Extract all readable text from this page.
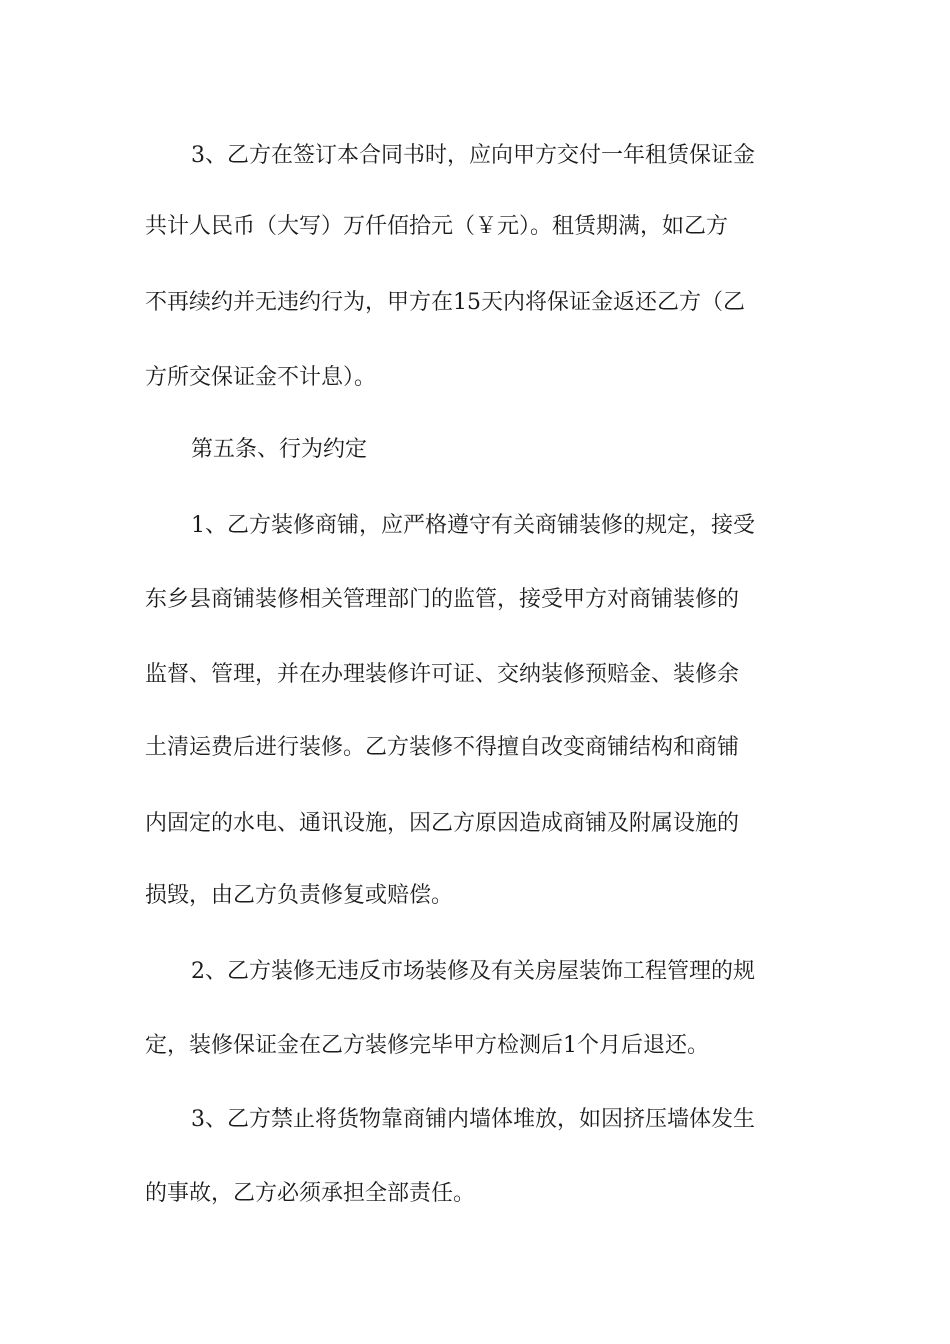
3、乙方在签订本合同书时，应向甲方交付一年租赁保证金
共计人民币（大写）万仟佰拾元（￥元）。租赁期满，如乙方
不再续约并无违约行为，甲方在15天内将保证金返还乙方（乙
方所交保证金不计息）。
第五条、行为约定
1、乙方装修商铺，应严格遵守有关商铺装修的规定，接受
东乡县商铺装修相关管理部门的监管，接受甲方对商铺装修的
监督、管理，并在办理装修许可证、交纳装修预赔金、装修余
土清运费后进行装修。乙方装修不得擅自改变商铺结构和商铺
内固定的水电、通讯设施，因乙方原因造成商铺及附属设施的
损毁，由乙方负责修复或赔偿。
2、乙方装修无违反市场装修及有关房屋装饰工程管理的规
定，装修保证金在乙方装修完毕甲方检测后1个月后退还。
3、乙方禁止将货物靠商铺内墙体堆放，如因挤压墙体发生
的事故，乙方必须承担全部责任。
